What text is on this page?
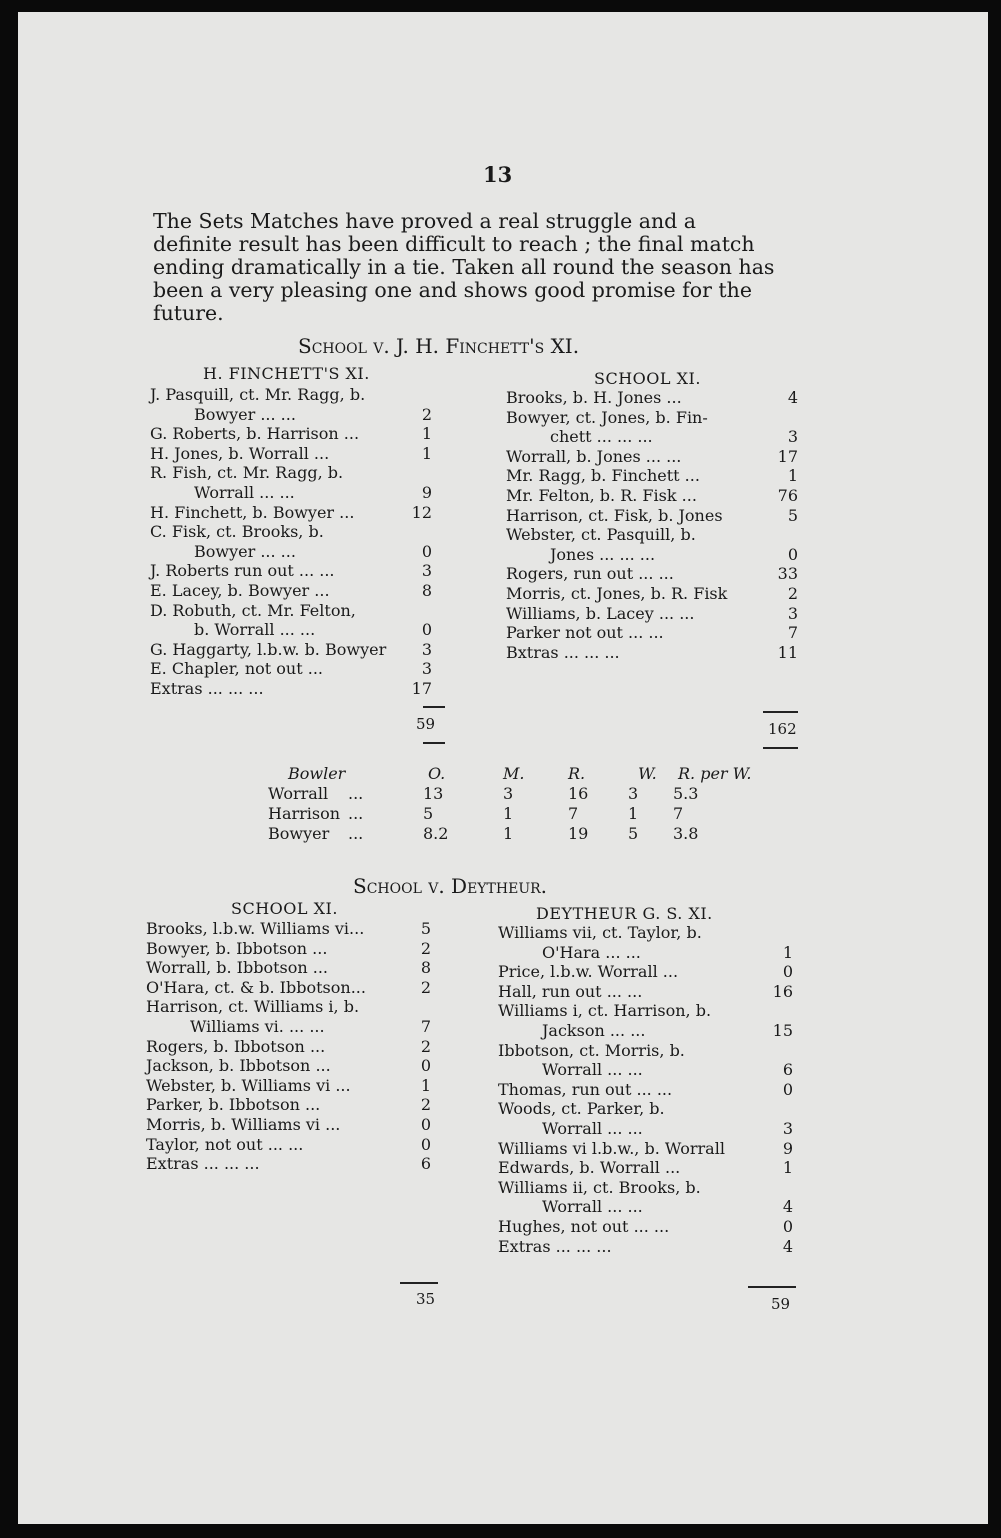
13
The Sets Matches have proved a real struggle and a
definite result has been difficult to reach ; the final match
ending dramatically in a tie. Taken all round the season has
been a very pleasing one and shows good promise for the
future.
School v. J. H. Finchett's XI.
H. FINCHETT'S XI.	SCHOOL XI.
J. Pasquill, ct. Mr. Ragg, b.
Bowyer ... ...	2
G. Roberts, b. Harrison ...	1
H. Jones, b. Worrall ...	1
R. Fish, ct. Mr. Ragg, b.
Worrall ... ...	9
H. Finchett, b. Bowyer ...	12
C. Fisk, ct. Brooks, b.
Bowyer ... ...	0
J. Roberts run out ... ...	3
E. Lacey, b. Bowyer ...	8
D. Robuth, ct. Mr. Felton,
b. Worrall ... ...	0
G. Haggarty, l.b.w. b. Bowyer	3
E. Chapler, not out ...	3
Extras ... ... ...	17
Brooks, b. H. Jones ...	4
Bowyer, ct. Jones, b. Fin-
chett ... ... ...	3
Worrall, b. Jones ... ...	17
Mr. Ragg, b. Finchett ...	1
Mr. Felton, b. R. Fisk ...	76
Harrison, ct. Fisk, b. Jones	5
Webster, ct. Pasquill, b.
Jones ... ... ...	0
Rogers, run out ... ...	33
Morris, ct. Jones, b. R. Fisk	2
Williams, b. Lacey ... ...	3
Parker not out ... ...	7
Bxtras ... ... ...	11
59	162
Bowler	O.	M.	R.	W. R. per W.
Worrall ...	13	3	16 3 5.3
Harrison ...	5	1	7	1 7
Bowyer ...	8.2	1	19 5 3.8
School v. Deytheur.
SCHOOL XI.	DEYTHEUR G. S. XI.
Brooks, l.b.w. Williams vi...	5
Bowyer, b. Ibbotson ...	2
Worrall, b. Ibbotson ...	8
O'Hara, ct. & b. Ibbotson...	2
Harrison, ct. Williams i, b.
Williams vi. ... ...	7
Rogers, b. Ibbotson ...	2
Jackson, b. Ibbotson ...	0
Webster, b. Williams vi ...	1
Parker, b. Ibbotson ...	2
Morris, b. Williams vi ...	0
Taylor, not out ... ...	0
Extras ... ... ...	6
Williams vii, ct. Taylor, b.
O'Hara ... ...	1
Price, l.b.w. Worrall ...	0
Hall, run out ... ...	16
Williams i, ct. Harrison, b.
Jackson ... ...	15
Ibbotson, ct. Morris, b.
Worrall ... ...	6
Thomas, run out ... ...	0
Woods, ct. Parker, b.
Worrall ... ...	3
Williams vi l.b.w., b. Worrall	9
Edwards, b. Worrall ...	1
Williams ii, ct. Brooks, b.
Worrall ... ...	4
Hughes, not out ... ...	0
Extras ... ... ...	4
35	59
